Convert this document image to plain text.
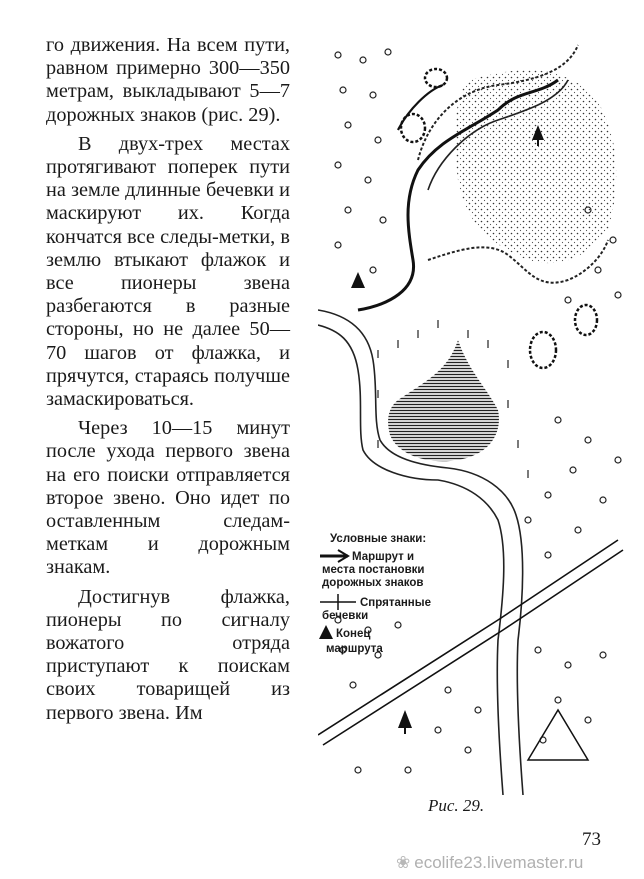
го движения. На всем пути, равном примерно 300—350 метрам, выкладывают 5—7 дорожных знаков (рис. 29).

В двух-трех местах протягивают поперек пути на земле длинные бечевки и маскируют их. Когда кончатся все следы-метки, в землю втыкают флажок и все пионеры звена разбегаются в разные стороны, но не далее 50—70 шагов от флажка, и прячутся, стараясь получше замаскироваться.

Через 10—15 минут после ухода первого звена на его поиски отправляется второе звено. Оно идет по оставленным следам-меткам и дорожным знакам.

Достигнув флажка, пионеры по сигналу вожатого отряда приступают к поискам своих товарищей из первого звена. Им

Условные знаки:
Маршрут и
места постановки
дорожных знаков
Спрятанные
бечевки
Конец
маршрута
Рис. 29.
73
❀ ecolife23.livemaster.ru
